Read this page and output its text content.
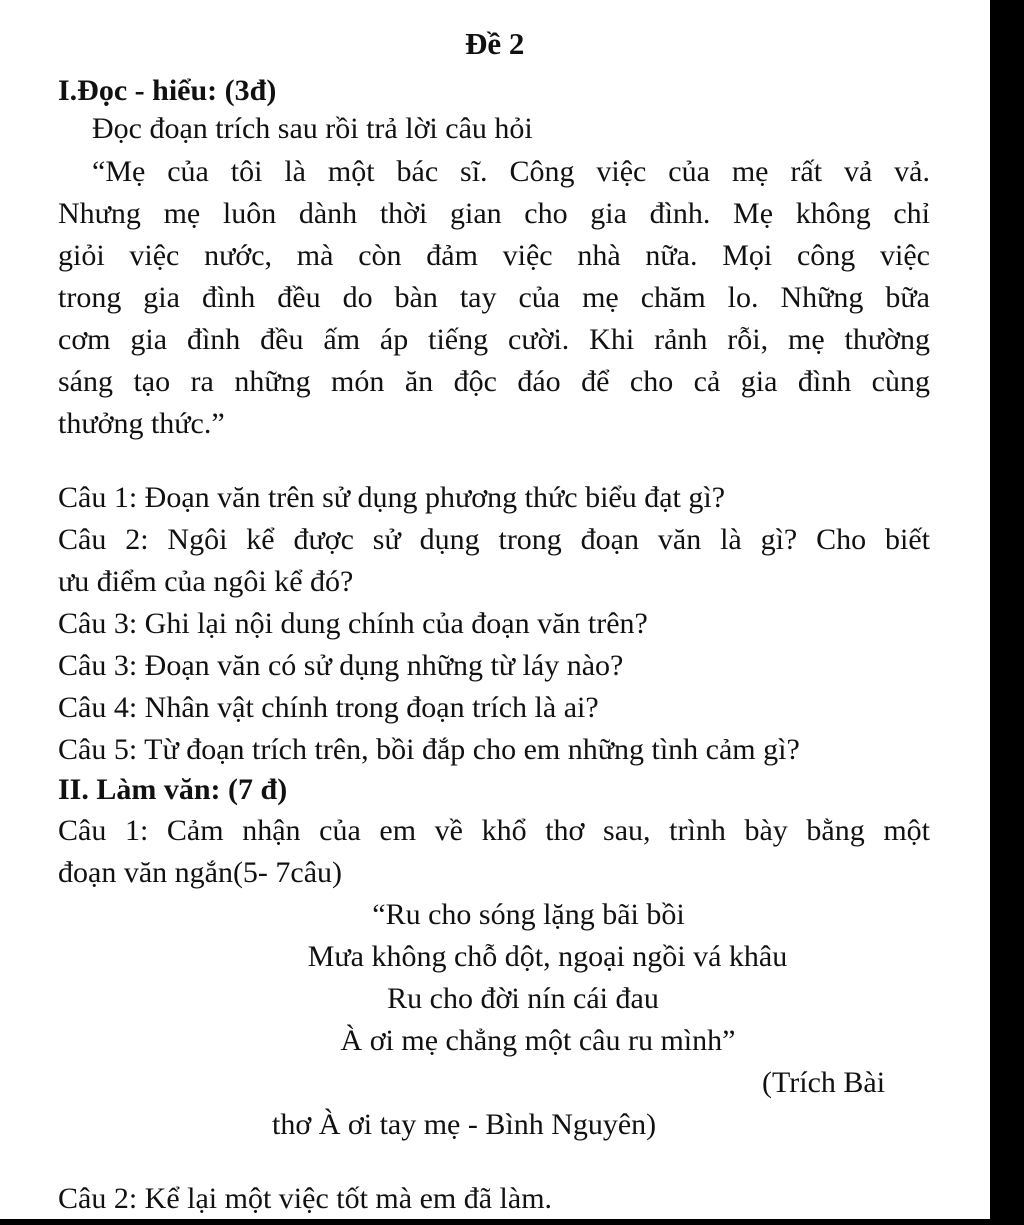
Đề 2
I.Đọc - hiểu: (3đ)
Đọc đoạn trích sau rồi trả lời câu hỏi
“Mẹ của tôi là một bác sĩ. Công việc của mẹ rất vả vả.
Nhưng mẹ luôn dành thời gian cho gia đình. Mẹ không chỉ
giỏi việc nước, mà còn đảm việc nhà nữa. Mọi công việc
trong gia đình đều do bàn tay của mẹ chăm lo. Những bữa
cơm gia đình đều ấm áp tiếng cười. Khi rảnh rỗi, mẹ thường
sáng tạo ra những món ăn độc đáo để cho cả gia đình cùng
thưởng thức.”
Câu 1: Đoạn văn trên sử dụng phương thức biểu đạt gì?
Câu 2: Ngôi kể được sử dụng trong đoạn văn là gì? Cho biết
ưu điểm của ngôi kể đó?
Câu 3: Ghi lại nội dung chính của đoạn văn trên?
Câu 3: Đoạn văn có sử dụng những từ láy nào?
Câu 4: Nhân vật chính trong đoạn trích là ai?
Câu 5: Từ đoạn trích trên, bồi đắp cho em những tình cảm gì?
II. Làm văn: (7 đ)
Câu 1: Cảm nhận của em về khổ thơ sau, trình bày bằng một
đoạn văn ngắn(5- 7câu)
“Ru cho sóng lặng bãi bồi
Mưa không chỗ dột, ngoại ngồi vá khâu
Ru cho đời nín cái đau
À ơi mẹ chẳng một câu ru mình”
(Trích Bài
thơ À ơi tay mẹ - Bình Nguyên)
Câu 2: Kể lại một việc tốt mà em đã làm.
